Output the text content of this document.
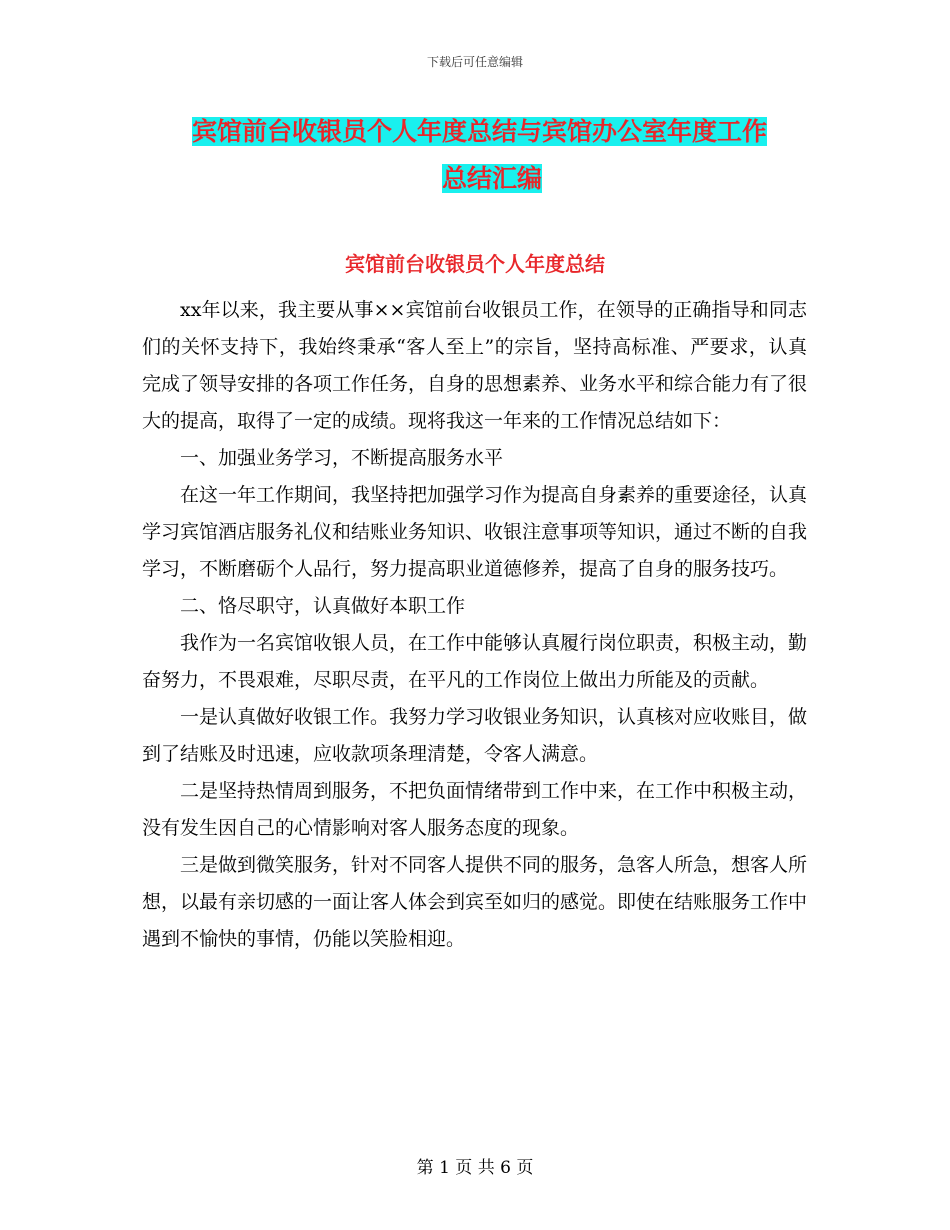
下载后可任意编辑
宾馆前台收银员个人年度总结与宾馆办公室年度工作
总结汇编
宾馆前台收银员个人年度总结

xx年以来，我主要从事××宾馆前台收银员工作，在领导的正确指导和同志们的关怀支持下，我始终秉承“客人至上”的宗旨，坚持高标准、严要求，认真完成了领导安排的各项工作任务，自身的思想素养、业务水平和综合能力有了很大的提高，取得了一定的成绩。现将我这一年来的工作情况总结如下：

一、加强业务学习，不断提高服务水平

在这一年工作期间，我坚持把加强学习作为提高自身素养的重要途径，认真学习宾馆酒店服务礼仪和结账业务知识、收银注意事项等知识，通过不断的自我学习，不断磨砺个人品行，努力提高职业道德修养，提高了自身的服务技巧。

二、恪尽职守，认真做好本职工作

我作为一名宾馆收银人员，在工作中能够认真履行岗位职责，积极主动，勤奋努力，不畏艰难，尽职尽责，在平凡的工作岗位上做出力所能及的贡献。

一是认真做好收银工作。我努力学习收银业务知识，认真核对应收账目，做到了结账及时迅速，应收款项条理清楚，令客人满意。

二是坚持热情周到服务，不把负面情绪带到工作中来，在工作中积极主动，没有发生因自己的心情影响对客人服务态度的现象。

三是做到微笑服务，针对不同客人提供不同的服务，急客人所急，想客人所想，以最有亲切感的一面让客人体会到宾至如归的感觉。即使在结账服务工作中遇到不愉快的事情，仍能以笑脸相迎。

第 1 页 共 6 页
